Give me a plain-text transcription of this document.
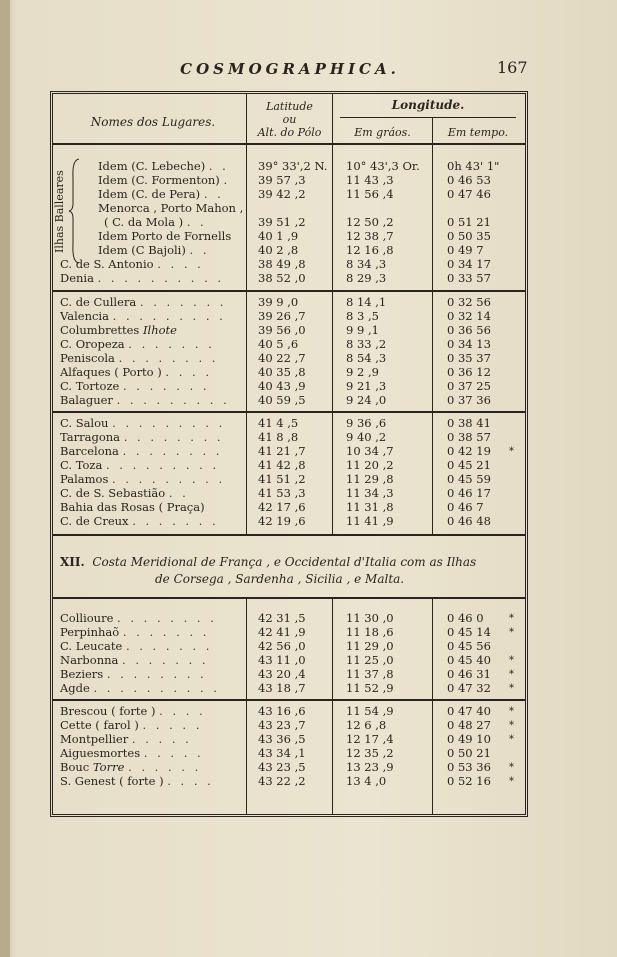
COSMOGRAPHICA.	167
Nomes dos Lugares.
Latitude
ou
Alt. do Pólo
Longitude.
Em gráos.	Em tempo.
Ilhas Balleares
Idem (C. Lebeche) . .	39° 33',2 N. 10° 43',3 Or.	0h 43' 1"
Idem (C. Formenton) .	39 57 ,3	11 43 ,3	0 46 53
Idem (C. de Pera) . .	39 42 ,2	11 56 ,4	0 47 46
Menorca , Porto Mahon ,
( C. da Mola ) . .	39 51 ,2	12 50 ,2	0 51 21
Idem Porto de Fornells	40 1 ,9	12 38 ,7	0 50 35
Idem (C Bajoli) . .	40 2 ,8	12 16 ,8	0 49 7
C. de S. Antonio . . . .	38 49 ,8	8 34 ,3	0 34 17
Denia . . . . . . . . . .	38 52 ,0	8 29 ,3	0 33 57
C. de Cullera . . . . . . .	39 9 ,0	8 14 ,1	0 32 56
Valencia . . . . . . . . .	39 26 ,7	8 3 ,5	0 32 14
Columbrettes Ilhote	39 56 ,0	9 9 ,1	0 36 56
C. Oropeza . . . . . . .	40 5 ,6	8 33 ,2	0 34 13
Peniscola . . . . . . . .	40 22 ,7	8 54 ,3	0 35 37
Alfaques ( Porto ) . . . .	40 35 ,8	9 2 ,9	0 36 12
C. Tortoze . . . . . . .	40 43 ,9	9 21 ,3	0 37 25
Balaguer . . . . . . . . .	40 59 ,5	9 24 ,0	0 37 36
C. Salou . . . . . . . . .	41 4 ,5	9 36 ,6	0 38 41
Tarragona . . . . . . . .	41 8 ,8	9 40 ,2	0 38 57
Barcelona . . . . . . . .	41 21 ,7	10 34 ,7	0 42 19	*
C. Toza . . . . . . . . .	41 42 ,8	11 20 ,2	0 45 21
Palamos . . . . . . . . .	41 51 ,2	11 29 ,8	0 45 59
C. de S. Sebastião . .	41 53 ,3	11 34 ,3	0 46 17
Bahia das Rosas ( Praça)	42 17 ,6	11 31 ,8	0 46 7
C. de Creux . . . . . . .	42 19 ,6	11 41 ,9	0 46 48
XII. Costa Meridional de França , e Occidental d'Italia com as Ilhas
de Corsega , Sardenha , Sicilia , e Malta.
Collioure . . . . . . . .	42 31 ,5	11 30 ,0	0 46 0	*
Perpinhaõ . . . . . . .	42 41 ,9	11 18 ,6	0 45 14	*
C. Leucate . . . . . . .	42 56 ,0	11 29 ,0	0 45 56
Narbonna . . . . . . .	43 11 ,0	11 25 ,0	0 45 40	*
Beziers . . . . . . . .	43 20 ,4	11 37 ,8	0 46 31	*
Agde . . . . . . . . . .	43 18 ,7	11 52 ,9	0 47 32	*
Brescou ( forte ) . . . .	43 16 ,6	11 54 ,9	0 47 40	*
Cette ( farol ) . . . . .	43 23 ,7	12 6 ,8	0 48 27	*
Montpellier . . . . .	43 36 ,5	12 17 ,4	0 49 10	*
Aiguesmortes . . . . .	43 34 ,1	12 35 ,2	0 50 21
Bouc Torre . . . . . .	43 23 ,5	13 23 ,9	0 53 36	*
S. Genest ( forte ) . . . .	43 22 ,2	13 4 ,0	0 52 16	*
